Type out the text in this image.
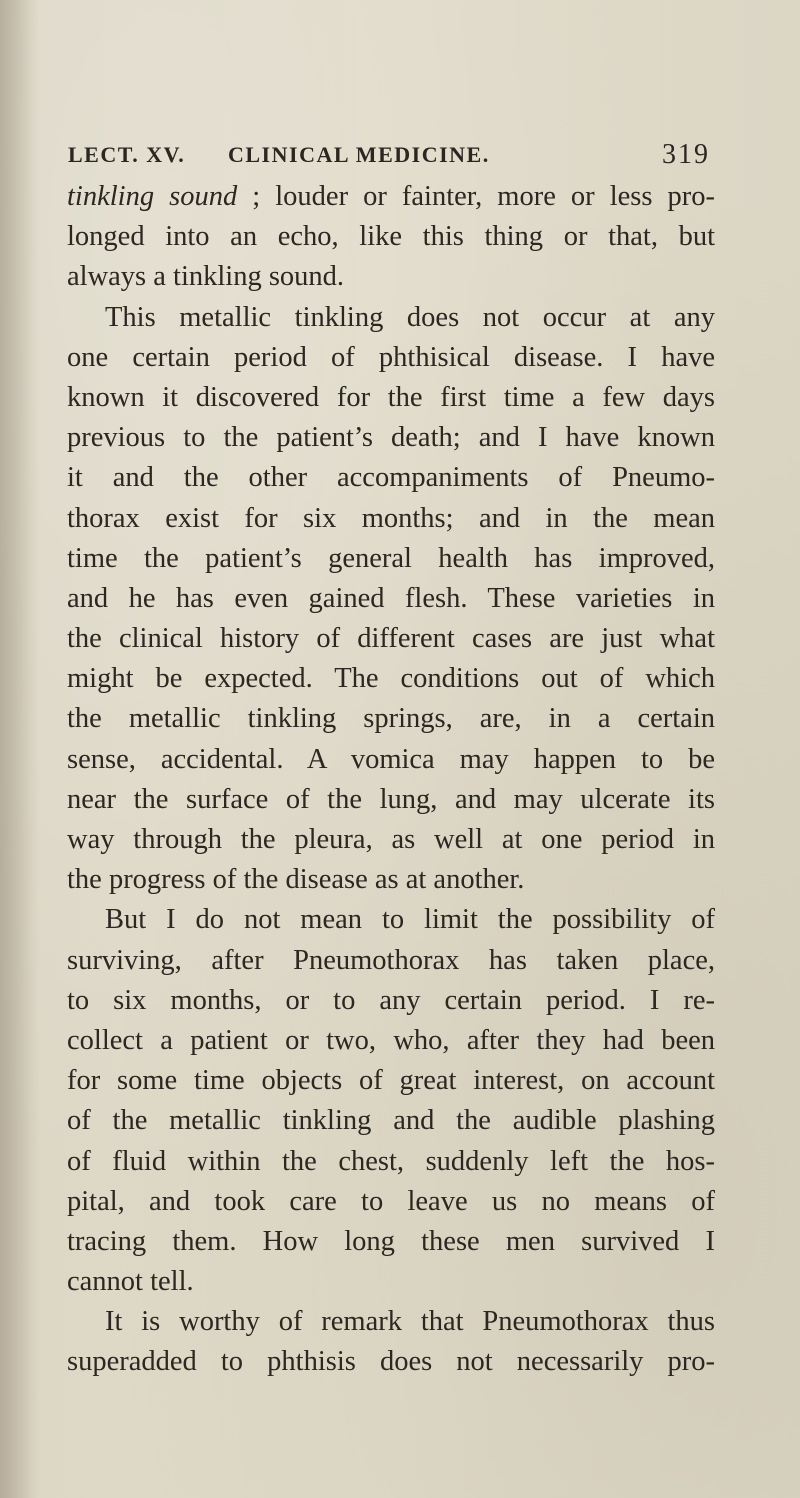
LECT. XV. CLINICAL MEDICINE.	319
tinkling sound ; louder or fainter, more or less pro-
longed into an echo, like this thing or that, but
always a tinkling sound.
This metallic tinkling does not occur at any
one certain period of phthisical disease. I have
known it discovered for the first time a few days
previous to the patient’s death; and I have known
it and the other accompaniments of Pneumo-
thorax exist for six months; and in the mean
time the patient’s general health has improved,
and he has even gained flesh. These varieties in
the clinical history of different cases are just what
might be expected. The conditions out of which
the metallic tinkling springs, are, in a certain
sense, accidental. A vomica may happen to be
near the surface of the lung, and may ulcerate its
way through the pleura, as well at one period in
the progress of the disease as at another.
But I do not mean to limit the possibility of
surviving, after Pneumothorax has taken place,
to six months, or to any certain period. I re-
collect a patient or two, who, after they had been
for some time objects of great interest, on account
of the metallic tinkling and the audible plashing
of fluid within the chest, suddenly left the hos-
pital, and took care to leave us no means of
tracing them. How long these men survived I
cannot tell.
It is worthy of remark that Pneumothorax thus
superadded to phthisis does not necessarily pro-
